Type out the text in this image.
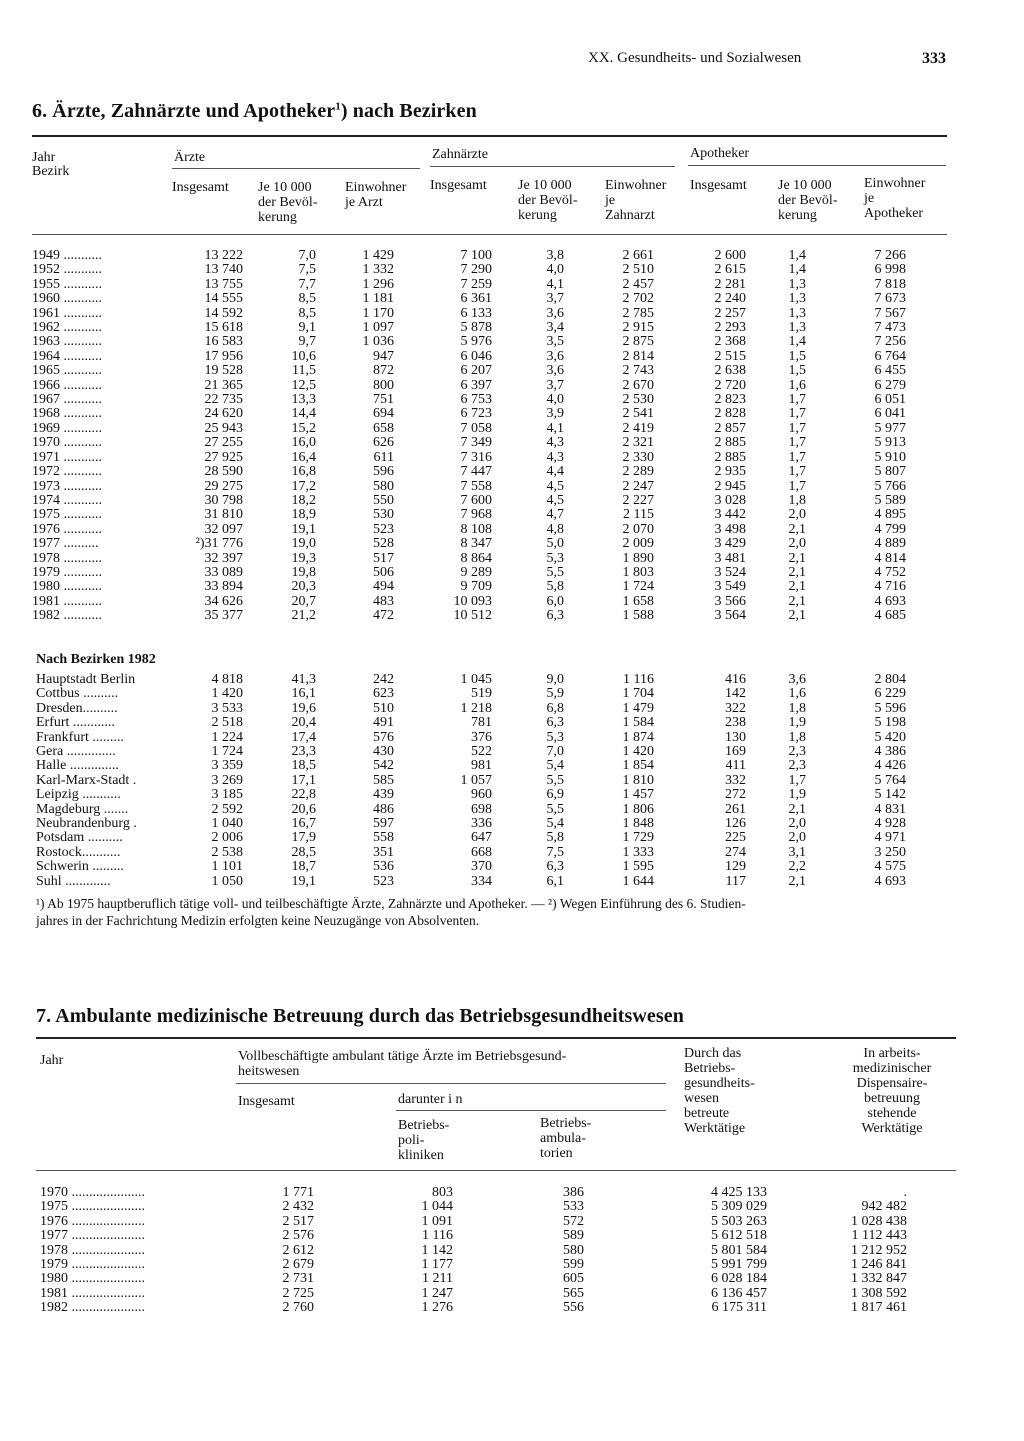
XX. Gesundheits- und Sozialwesen	333
6. Ärzte, Zahnärzte und Apotheker$^1$) nach Bezirken
Jahr
Bezirk
Ärzte	Zahnärzte	Apotheker
Insgesamt Je 10 000
der Bevöl-
kerung
Einwohner
je Arzt
Insgesamt Je 10 000
der Bevöl-
kerung
Einwohner
je
Zahnarzt
Insgesamt Je 10 000
der Bevöl-
kerung
Einwohner
je
Apotheker
1949 ...........	13 222	7,0	1 429	7 100	3,8	2 661	2 600	1,4	7 266
1952 ...........	13 740	7,5	1 332	7 290	4,0	2 510	2 615	1,4	6 998
1955 ...........	13 755	7,7	1 296	7 259	4,1	2 457	2 281	1,3	7 818
1960 ...........	14 555	8,5	1 181	6 361	3,7	2 702	2 240	1,3	7 673
1961 ...........	14 592	8,5	1 170	6 133	3,6	2 785	2 257	1,3	7 567
1962 ...........	15 618	9,1	1 097	5 878	3,4	2 915	2 293	1,3	7 473
1963 ...........	16 583	9,7	1 036	5 976	3,5	2 875	2 368	1,4	7 256
1964 ...........	17 956	10,6	947	6 046	3,6	2 814	2 515	1,5	6 764
1965 ...........	19 528	11,5	872	6 207	3,6	2 743	2 638	1,5	6 455
1966 ...........	21 365	12,5	800	6 397	3,7	2 670	2 720	1,6	6 279
1967 ...........	22 735	13,3	751	6 753	4,0	2 530	2 823	1,7	6 051
1968 ...........	24 620	14,4	694	6 723	3,9	2 541	2 828	1,7	6 041
1969 ...........	25 943	15,2	658	7 058	4,1	2 419	2 857	1,7	5 977
1970 ...........	27 255	16,0	626	7 349	4,3	2 321	2 885	1,7	5 913
1971 ...........	27 925	16,4	611	7 316	4,3	2 330	2 885	1,7	5 910
1972 ...........	28 590	16,8	596	7 447	4,4	2 289	2 935	1,7	5 807
1973 ...........	29 275	17,2	580	7 558	4,5	2 247	2 945	1,7	5 766
1974 ...........	30 798	18,2	550	7 600	4,5	2 227	3 028	1,8	5 589
1975 ...........	31 810	18,9	530	7 968	4,7	2 115	3 442	2,0	4 895
1976 ...........	32 097	19,1	523	8 108	4,8	2 070	3 498	2,1	4 799
1977 ..........	²)31 776	19,0	528	8 347	5,0	2 009	3 429	2,0	4 889
1978 ...........	32 397	19,3	517	8 864	5,3	1 890	3 481	2,1	4 814
1979 ...........	33 089	19,8	506	9 289	5,5	1 803	3 524	2,1	4 752
1980 ...........	33 894	20,3	494	9 709	5,8	1 724	3 549	2,1	4 716
1981 ...........	34 626	20,7	483	10 093	6,0	1 658	3 566	2,1	4 693
1982 ...........	35 377	21,2	472	10 512	6,3	1 588	3 564	2,1	4 685
Nach Bezirken 1982
Hauptstadt Berlin	4 818	41,3	242	1 045	9,0	1 116	416	3,6	2 804
Cottbus ..........	1 420	16,1	623	519	5,9	1 704	142	1,6	6 229
Dresden..........	3 533	19,6	510	1 218	6,8	1 479	322	1,8	5 596
Erfurt ............	2 518	20,4	491	781	6,3	1 584	238	1,9	5 198
Frankfurt .........	1 224	17,4	576	376	5,3	1 874	130	1,8	5 420
Gera ..............	1 724	23,3	430	522	7,0	1 420	169	2,3	4 386
Halle ..............	3 359	18,5	542	981	5,4	1 854	411	2,3	4 426
Karl-Marx-Stadt .	3 269	17,1	585	1 057	5,5	1 810	332	1,7	5 764
Leipzig ...........	3 185	22,8	439	960	6,9	1 457	272	1,9	5 142
Magdeburg .......	2 592	20,6	486	698	5,5	1 806	261	2,1	4 831
Neubrandenburg .	1 040	16,7	597	336	5,4	1 848	126	2,0	4 928
Potsdam ..........	2 006	17,9	558	647	5,8	1 729	225	2,0	4 971
Rostock...........	2 538	28,5	351	668	7,5	1 333	274	3,1	3 250
Schwerin .........	1 101	18,7	536	370	6,3	1 595	129	2,2	4 575
Suhl .............	1 050	19,1	523	334	6,1	1 644	117	2,1	4 693
¹) Ab 1975 hauptberuflich tätige voll- und teilbeschäftigte Ärzte, Zahnärzte und Apotheker. — ²) Wegen Einführung des 6. Studien-
jahres in der Fachrichtung Medizin erfolgten keine Neuzugänge von Absolventen.
7. Ambulante medizinische Betreuung durch das Betriebsgesundheitswesen
Jahr	Vollbeschäftigte ambulant tätige Ärzte im Betriebsgesund-
heitswesen
Insgesamt	darunter i n
Betriebs-
poli-
kliniken
Betriebs-
ambula-
torien
Durch das
Betriebs-
gesundheits-
wesen
betreute
Werktätige
In arbeits-
medizinischer
Dispensaire-
betreuung
stehende
Werktätige
1970 .....................	1 771	803	386	4 425 133	.
1975 .....................	2 432	1 044	533	5 309 029	942 482
1976 .....................	2 517	1 091	572	5 503 263	1 028 438
1977 .....................	2 576	1 116	589	5 612 518	1 112 443
1978 .....................	2 612	1 142	580	5 801 584	1 212 952
1979 .....................	2 679	1 177	599	5 991 799	1 246 841
1980 .....................	2 731	1 211	605	6 028 184	1 332 847
1981 .....................	2 725	1 247	565	6 136 457	1 308 592
1982 .....................	2 760	1 276	556	6 175 311	1 817 461
